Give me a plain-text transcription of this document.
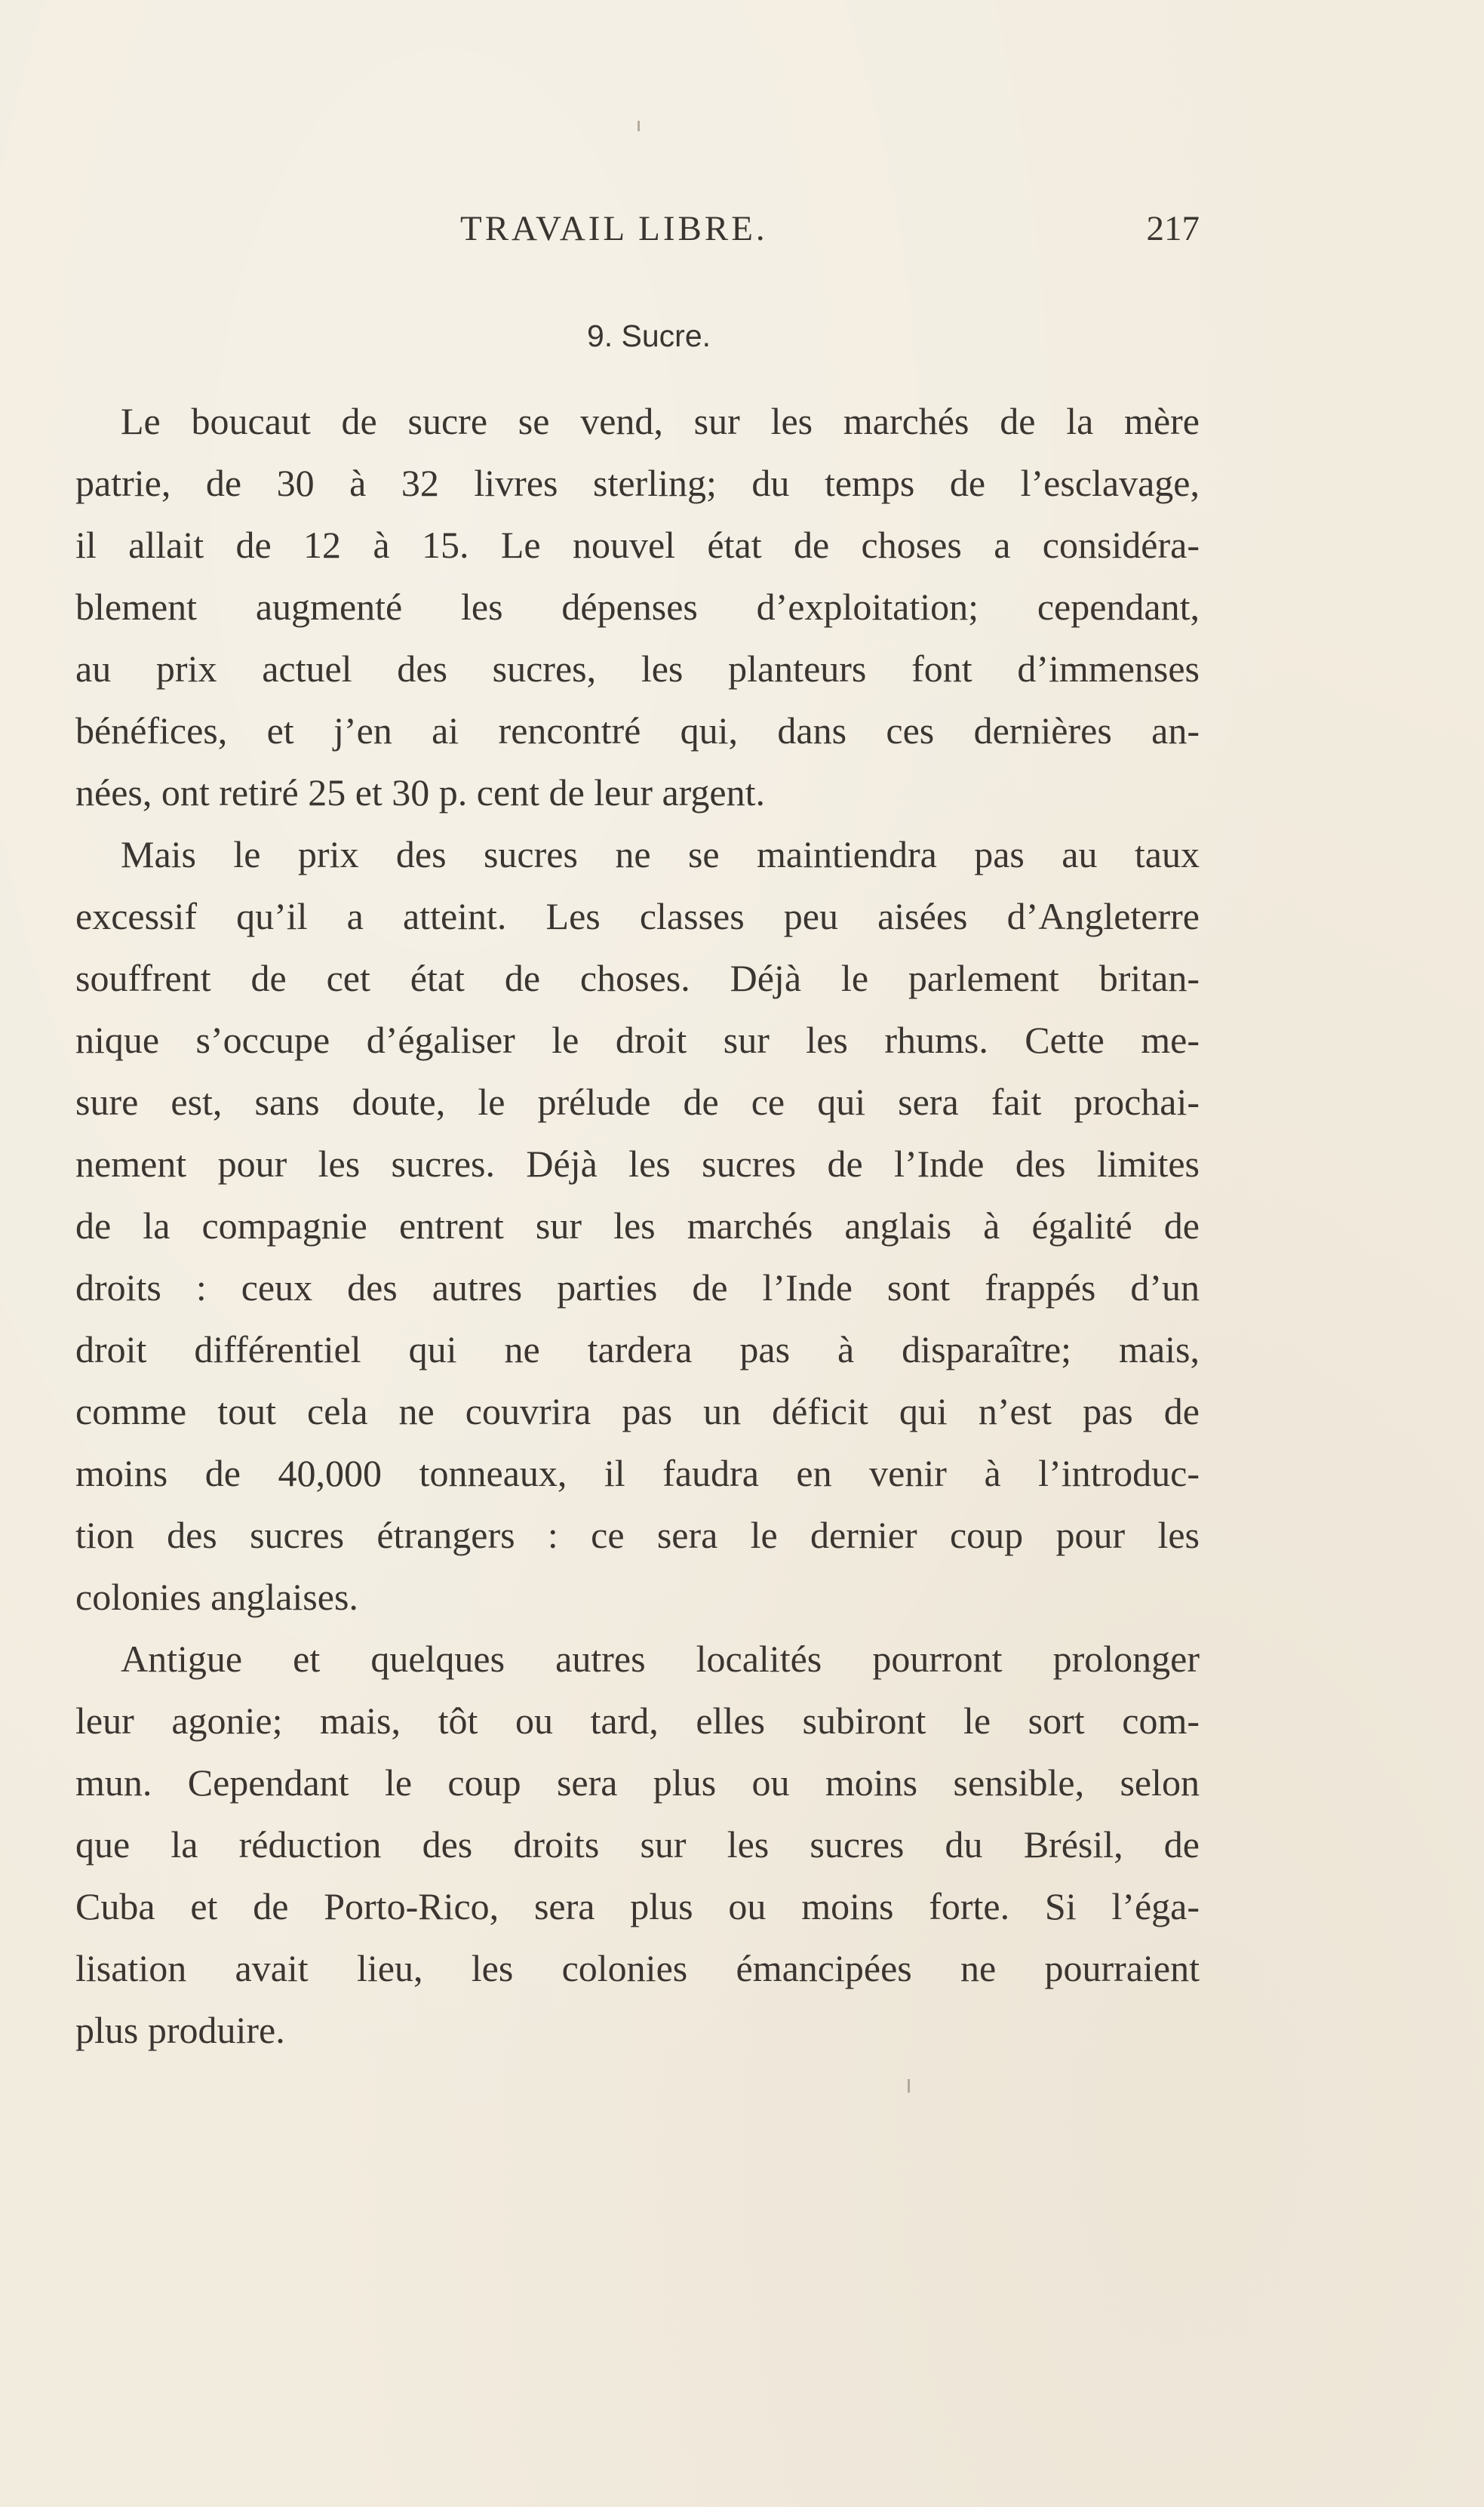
TRAVAIL LIBRE.	217
9. Sucre.
Le boucaut de sucre se vend, sur les marchés de la mère
patrie, de 30 à 32 livres sterling; du temps de l’esclavage,
il allait de 12 à 15. Le nouvel état de choses a considéra-
blement augmenté les dépenses d’exploitation; cependant,
au prix actuel des sucres, les planteurs font d’immenses
bénéfices, et j’en ai rencontré qui, dans ces dernières an-
nées, ont retiré 25 et 30 p. cent de leur argent.
Mais le prix des sucres ne se maintiendra pas au taux
excessif qu’il a atteint. Les classes peu aisées d’Angleterre
souffrent de cet état de choses. Déjà le parlement britan-
nique s’occupe d’égaliser le droit sur les rhums. Cette me-
sure est, sans doute, le prélude de ce qui sera fait prochai-
nement pour les sucres. Déjà les sucres de l’Inde des limites
de la compagnie entrent sur les marchés anglais à égalité de
droits : ceux des autres parties de l’Inde sont frappés d’un
droit différentiel qui ne tardera pas à disparaître; mais,
comme tout cela ne couvrira pas un déficit qui n’est pas de
moins de 40,000 tonneaux, il faudra en venir à l’introduc-
tion des sucres étrangers : ce sera le dernier coup pour les
colonies anglaises.
Antigue et quelques autres localités pourront prolonger
leur agonie; mais, tôt ou tard, elles subiront le sort com-
mun. Cependant le coup sera plus ou moins sensible, selon
que la réduction des droits sur les sucres du Brésil, de
Cuba et de Porto-Rico, sera plus ou moins forte. Si l’éga-
lisation avait lieu, les colonies émancipées ne pourraient
plus produire.
